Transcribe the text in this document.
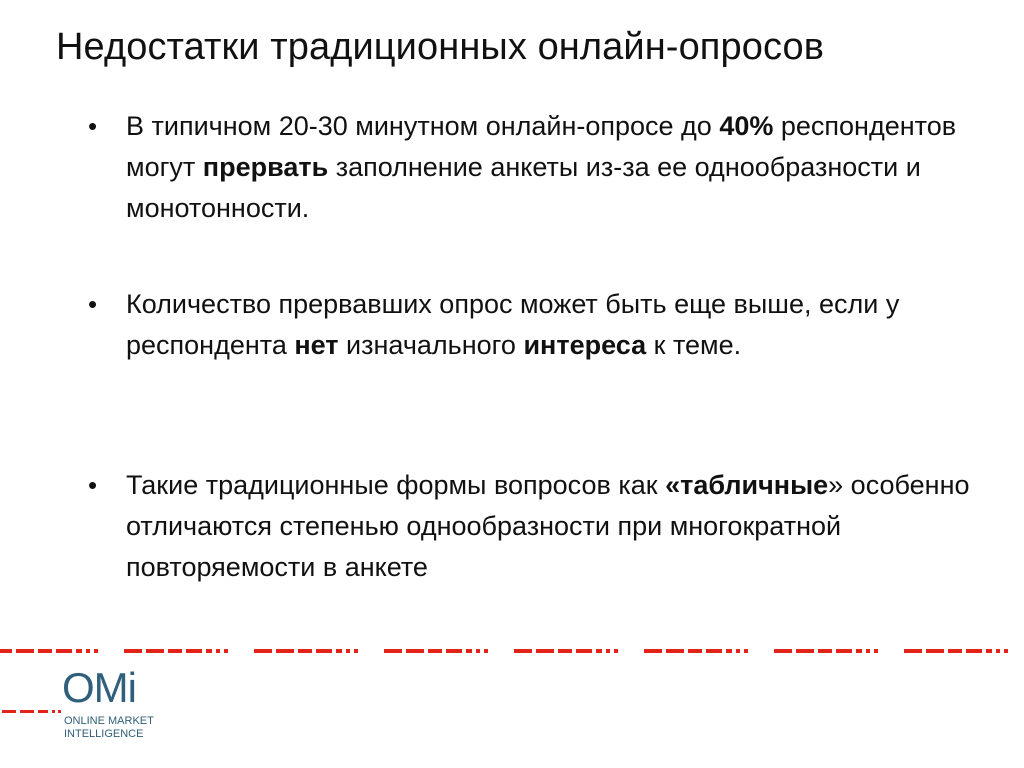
Недостатки традиционных онлайн-опросов
• В типичном 20-30 минутном онлайн-опросе до 40% респондентов могут прервать заполнение анкеты из-за ее однообразности и монотонности.
• Количество прервавших опрос может быть еще выше, если у респондента нет изначального интереса к теме.
• Такие традиционные формы вопросов как «табличные» особенно отличаются степенью однообразности при многократной повторяемости в анкете
OMi
ONLINE MARKET
INTELLIGENCE
